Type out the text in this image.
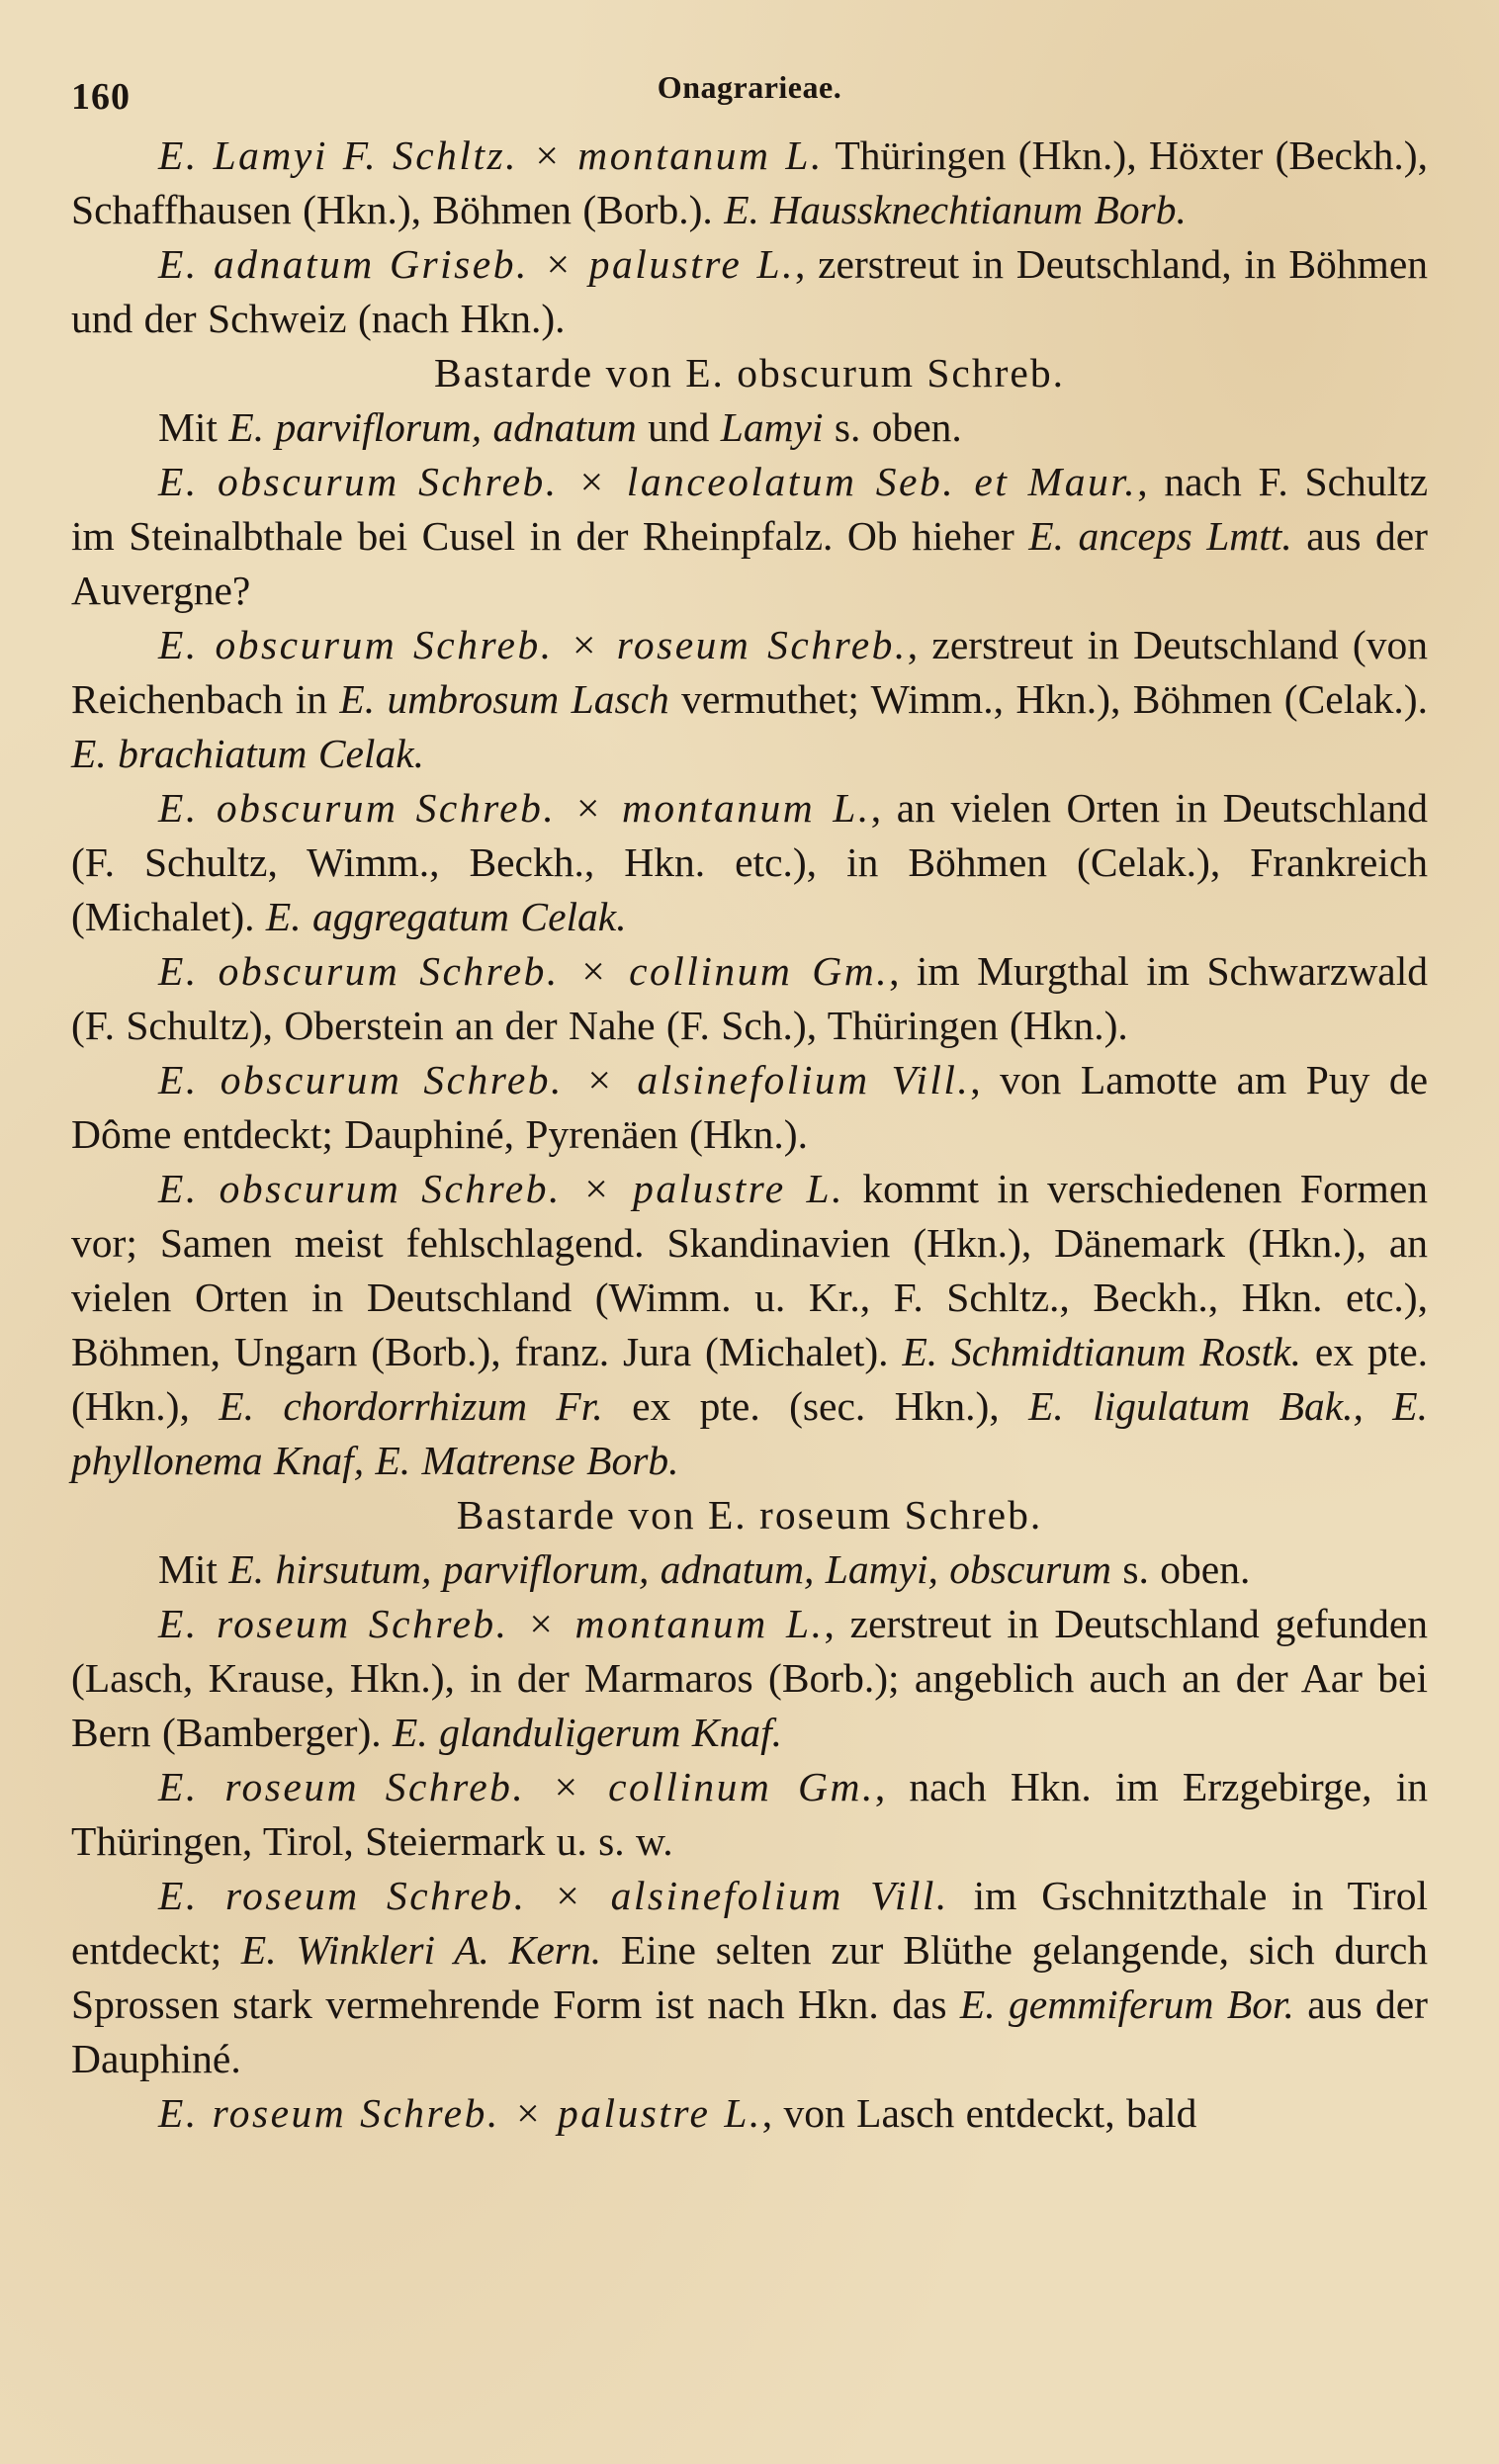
160	Onagrarieae.

E. Lamyi F. Schltz. × montanum L. Thüringen (Hkn.), Höxter (Beckh.), Schaffhausen (Hkn.), Böhmen (Borb.). E. Haussknechtianum Borb.

E. adnatum Griseb. × palustre L., zerstreut in Deutschland, in Böhmen und der Schweiz (nach Hkn.).

Bastarde von E. obscurum Schreb.

Mit E. parviflorum, adnatum und Lamyi s. oben.

E. obscurum Schreb. × lanceolatum Seb. et Maur., nach F. Schultz im Steinalbthale bei Cusel in der Rheinpfalz. Ob hieher E. anceps Lmtt. aus der Auvergne?

E. obscurum Schreb. × roseum Schreb., zerstreut in Deutschland (von Reichenbach in E. umbrosum Lasch vermuthet; Wimm., Hkn.), Böhmen (Celak.). E. brachiatum Celak.

E. obscurum Schreb. × montanum L., an vielen Orten in Deutschland (F. Schultz, Wimm., Beckh., Hkn. etc.), in Böhmen (Celak.), Frankreich (Michalet). E. aggregatum Celak.

E. obscurum Schreb. × collinum Gm., im Murgthal im Schwarzwald (F. Schultz), Oberstein an der Nahe (F. Sch.), Thüringen (Hkn.).

E. obscurum Schreb. × alsinefolium Vill., von Lamotte am Puy de Dôme entdeckt; Dauphiné, Pyrenäen (Hkn.).

E. obscurum Schreb. × palustre L. kommt in verschiedenen Formen vor; Samen meist fehlschlagend. Skandinavien (Hkn.), Dänemark (Hkn.), an vielen Orten in Deutschland (Wimm. u. Kr., F. Schltz., Beckh., Hkn. etc.), Böhmen, Ungarn (Borb.), franz. Jura (Michalet). E. Schmidtianum Rostk. ex pte. (Hkn.), E. chordorrhizum Fr. ex pte. (sec. Hkn.), E. ligulatum Bak., E. phyllonema Knaf, E. Matrense Borb.

Bastarde von E. roseum Schreb.

Mit E. hirsutum, parviflorum, adnatum, Lamyi, obscurum s. oben.

E. roseum Schreb. × montanum L., zerstreut in Deutschland gefunden (Lasch, Krause, Hkn.), in der Marmaros (Borb.); angeblich auch an der Aar bei Bern (Bamberger). E. glanduligerum Knaf.

E. roseum Schreb. × collinum Gm., nach Hkn. im Erzgebirge, in Thüringen, Tirol, Steiermark u. s. w.

E. roseum Schreb. × alsinefolium Vill. im Gschnitzthale in Tirol entdeckt; E. Winkleri A. Kern. Eine selten zur Blüthe gelangende, sich durch Sprossen stark vermehrende Form ist nach Hkn. das E. gemmiferum Bor. aus der Dauphiné.

E. roseum Schreb. × palustre L., von Lasch entdeckt, bald
